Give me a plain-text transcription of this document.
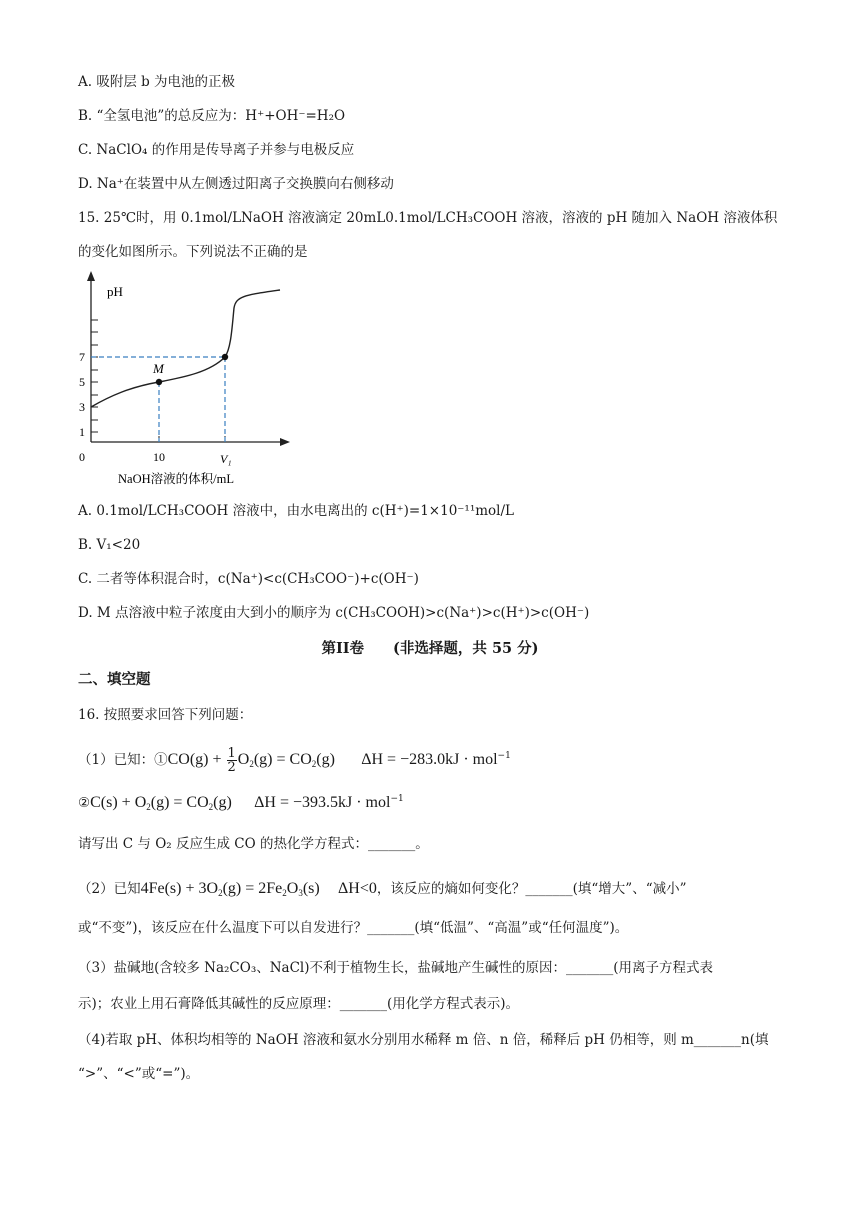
A. 吸附层 b 为电池的正极
B. “全氢电池”的总反应为：H⁺+OH⁻=H₂O
C. NaClO₄ 的作用是传导离子并参与电极反应
D. Na⁺在装置中从左侧透过阳离子交换膜向右侧移动
15. 25℃时，用 0.1mol/LNaOH 溶液滴定 20mL0.1mol/LCH₃COOH 溶液，溶液的 pH 随加入 NaOH 溶液体积
的变化如图所示。下列说法不正确的是
pH
7
5
3
1
0	10	V₁
M
NaOH溶液的体积/mL
A. 0.1mol/LCH₃COOH 溶液中，由水电离出的 c(H⁺)=1×10⁻¹¹mol/L
B. V₁<20
C. 二者等体积混合时，c(Na⁺)<c(CH₃COO⁻)+c(OH⁻)
D. M 点溶液中粒子浓度由大到小的顺序为 c(CH₃COOH)>c(Na⁺)>c(H⁺)>c(OH⁻)
第II卷　　(非选择题，共 55 分)
二、填空题
16. 按照要求回答下列问题：
（1）已知：①CO(g) + $\frac{1}{2} O_2(g) = CO_2(g) \Delta H = -283.0kJ \cdot mol^{-1}$
②C(s) + $O_2(g) = CO_2(g) \Delta H = -393.5kJ \cdot mol^{-1}$
请写出 C 与 O₂ 反应生成 CO 的热化学方程式：_______。
（2）已知$4Fe(s) + 3O_2(g) = 2Fe_2O_3(s)$ ΔH<0，该反应的熵如何变化？_______(填“增大”、“减小”
或“不变”)，该反应在什么温度下可以自发进行？_______(填“低温”、“高温”或“任何温度”)。
（3）盐碱地(含较多 Na₂CO₃、NaCl)不利于植物生长，盐碱地产生碱性的原因：_______(用离子方程式表
示)；农业上用石膏降低其碱性的反应原理：_______(用化学方程式表示)。
（4)若取 pH、体积均相等的 NaOH 溶液和氨水分别用水稀释 m 倍、n 倍，稀释后 pH 仍相等，则 m_______n(填
“>”、“<”或“=”)。
